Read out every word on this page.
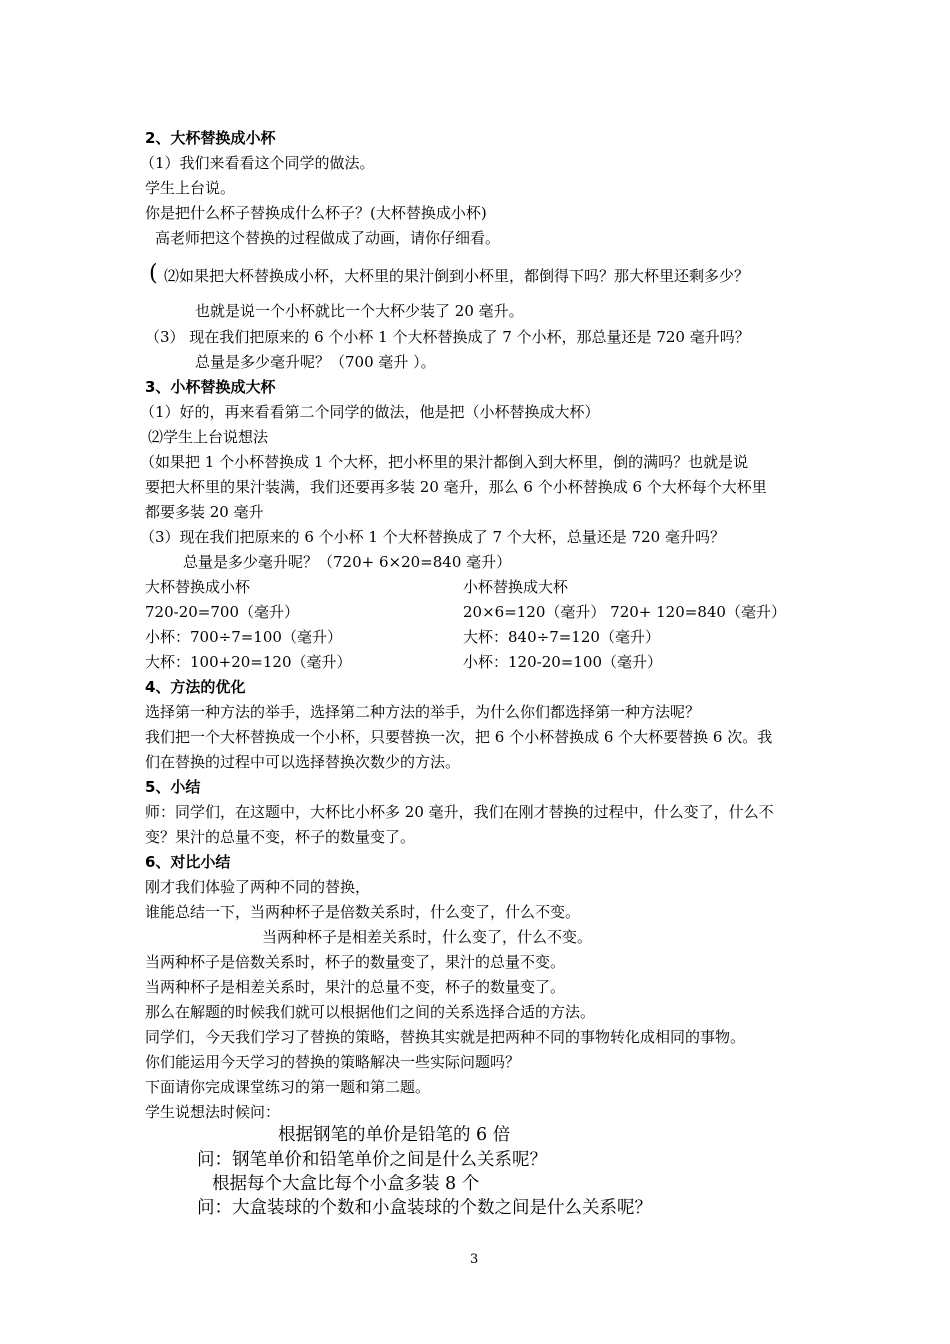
2、大杯替换成小杯
（1）我们来看看这个同学的做法。
学生上台说。
你是把什么杯子替换成什么杯子？(大杯替换成小杯)
高老师把这个替换的过程做成了动画，请你仔细看。
( ⑵如果把大杯替换成小杯，大杯里的果汁倒到小杯里，都倒得下吗？那大杯里还剩多少？
也就是说一个小杯就比一个大杯少装了 20 毫升。
（3） 现在我们把原来的 6 个小杯 1 个大杯替换成了 7 个小杯，那总量还是 720 毫升吗？
总量是多少毫升呢？（700 毫升 ）。
3、小杯替换成大杯
（1）好的，再来看看第二个同学的做法，他是把（小杯替换成大杯）
⑵学生上台说想法
（如果把 1 个小杯替换成 1 个大杯，把小杯里的果汁都倒入到大杯里，倒的满吗？也就是说
要把大杯里的果汁装满，我们还要再多装 20 毫升，那么 6 个小杯替换成 6 个大杯每个大杯里
都要多装 20 毫升
（3）现在我们把原来的 6 个小杯 1 个大杯替换成了 7 个大杯，总量还是 720 毫升吗？
总量是多少毫升呢？（720+ 6×20=840 毫升）
大杯替换成小杯
720-20=700（毫升）
小杯：700÷7=100（毫升）
大杯：100+20=120（毫升）
小杯替换成大杯
20×6=120（毫升） 720+ 120=840（毫升）
大杯：840÷7=120（毫升）
小杯：120-20=100（毫升）
4、方法的优化
选择第一种方法的举手，选择第二种方法的举手，为什么你们都选择第一种方法呢？
我们把一个大杯替换成一个小杯，只要替换一次，把 6 个小杯替换成 6 个大杯要替换 6 次。我
们在替换的过程中可以选择替换次数少的方法。
5、小结
师：同学们，在这题中，大杯比小杯多 20 毫升，我们在刚才替换的过程中，什么变了，什么不
变？果汁的总量不变，杯子的数量变了。
6、对比小结
刚才我们体验了两种不同的替换，
谁能总结一下，当两种杯子是倍数关系时，什么变了，什么不变。
当两种杯子是相差关系时，什么变了，什么不变。
当两种杯子是倍数关系时，杯子的数量变了，果汁的总量不变。
当两种杯子是相差关系时，果汁的总量不变，杯子的数量变了。
那么在解题的时候我们就可以根据他们之间的关系选择合适的方法。
同学们，今天我们学习了替换的策略，替换其实就是把两种不同的事物转化成相同的事物。
你们能运用今天学习的替换的策略解决一些实际问题吗？
下面请你完成课堂练习的第一题和第二题。
学生说想法时候问：
根据钢笔的单价是铅笔的 6 倍
问：钢笔单价和铅笔单价之间是什么关系呢？
根据每个大盒比每个小盒多装 8 个
问：大盒装球的个数和小盒装球的个数之间是什么关系呢？
3
